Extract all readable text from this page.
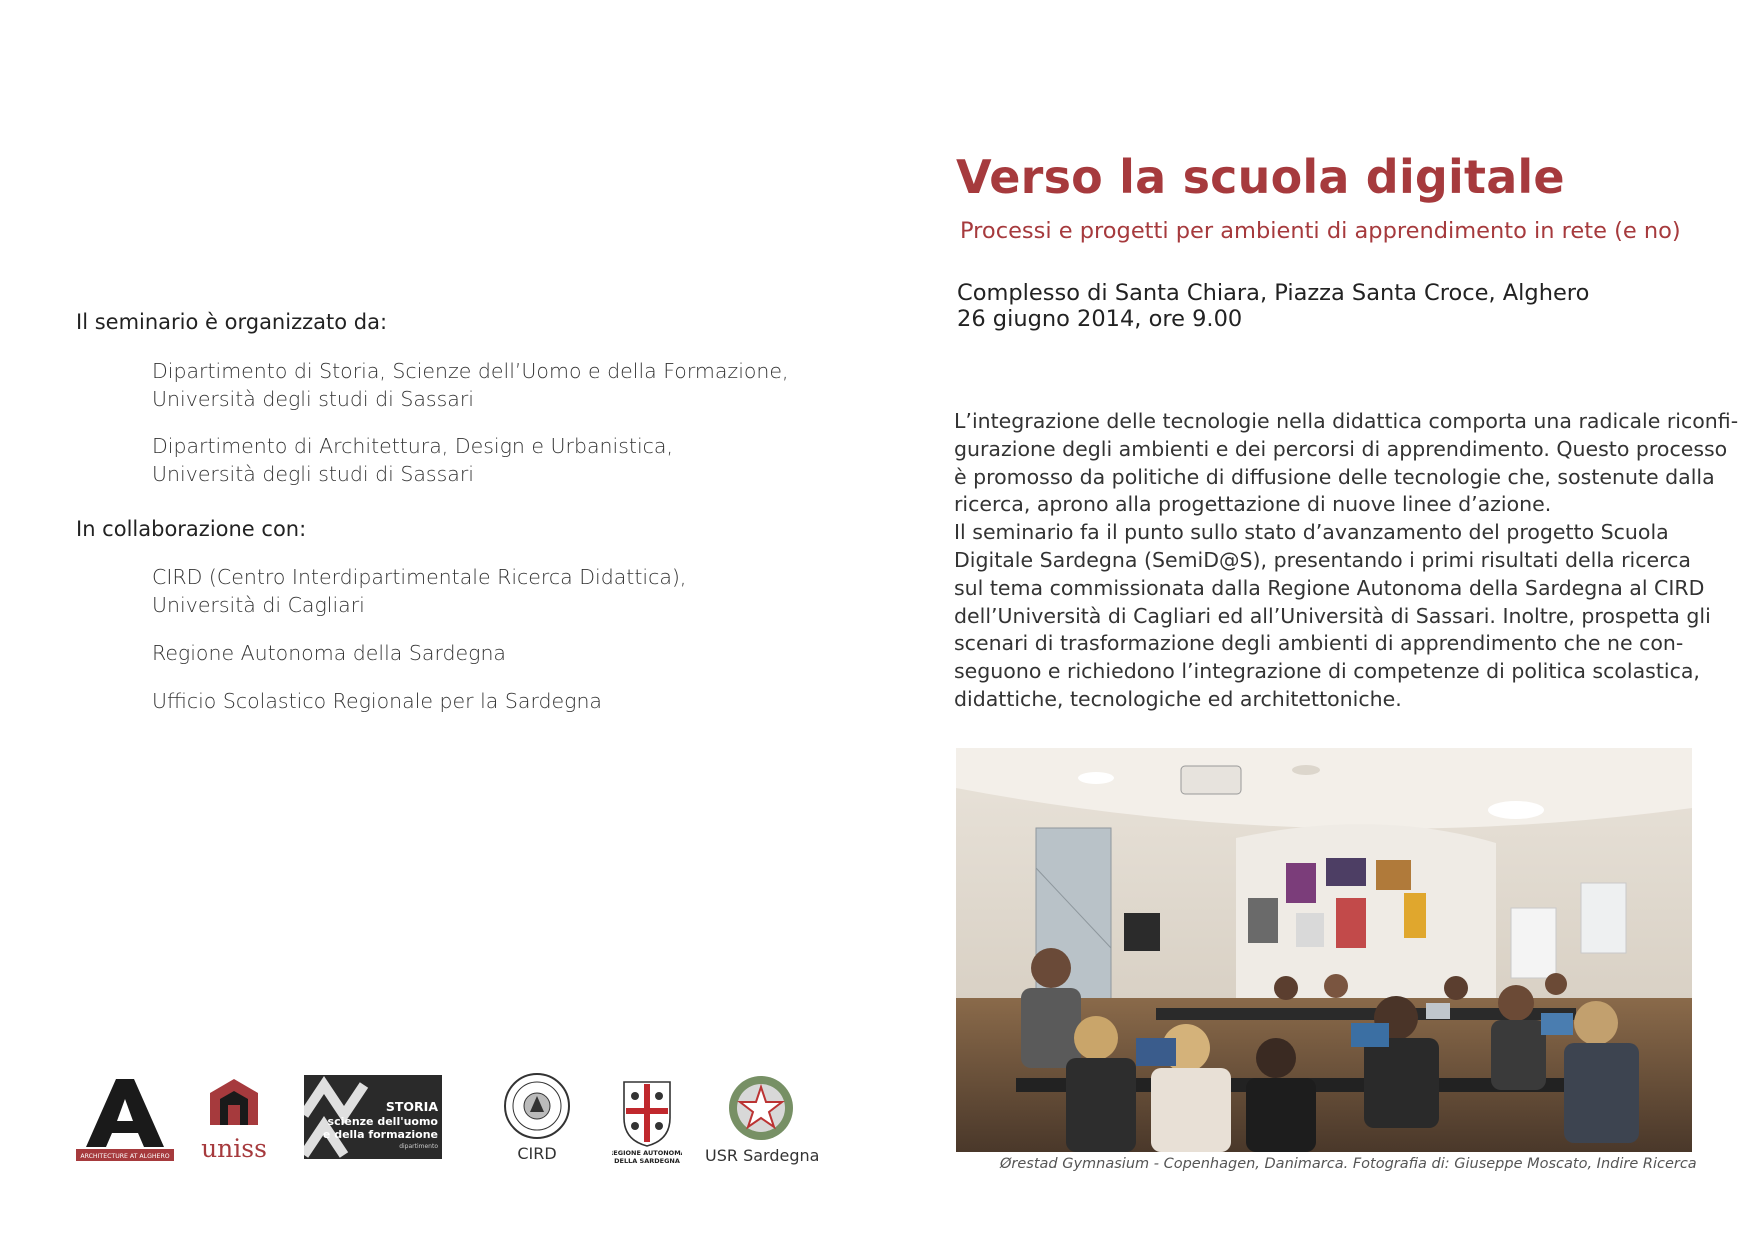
Il seminario è organizzato da:
Dipartimento di Storia, Scienze dell’Uomo e della Formazione,
Università degli studi di Sassari
Dipartimento di Architettura, Design e Urbanistica,
Università degli studi di Sassari
In collaborazione con:
CIRD (Centro Interdipartimentale Ricerca Didattica),
Università di Cagliari
Regione Autonoma della Sardegna
Ufficio Scolastico Regionale per la Sardegna
Verso la scuola digitale
Processi e progetti per ambienti di apprendimento in rete (e no)
Complesso di Santa Chiara, Piazza Santa Croce, Alghero
26 giugno 2014, ore 9.00
L’integrazione delle tecnologie nella didattica comporta una radicale riconfi-
gurazione degli ambienti e dei percorsi di apprendimento. Questo processo
è promosso da politiche di diffusione delle tecnologie che, sostenute dalla
ricerca, aprono alla progettazione di nuove linee d’azione.
Il seminario fa il punto sullo stato d’avanzamento del progetto Scuola
Digitale Sardegna (SemiD@S), presentando i primi risultati della ricerca
sul tema commissionata dalla Regione Autonoma della Sardegna al CIRD
dell’Università di Cagliari ed all’Università di Sassari. Inoltre, prospetta gli
scenari di trasformazione degli ambienti di apprendimento che ne con-
seguono e richiedono l’integrazione di competenze di politica scolastica,
didattiche, tecnologiche ed architettoniche.
Ørestad Gymnasium - Copenhagen, Danimarca. Fotografia di: Giuseppe Moscato, Indire Ricerca
ARCHITECTURE AT ALGHERO uniss
STORIA
scienze dell'uomo
e della formazione
dipartimento	CIRD	REGIONE AUTONOMA
DELLA SARDEGNA USR Sardegna
